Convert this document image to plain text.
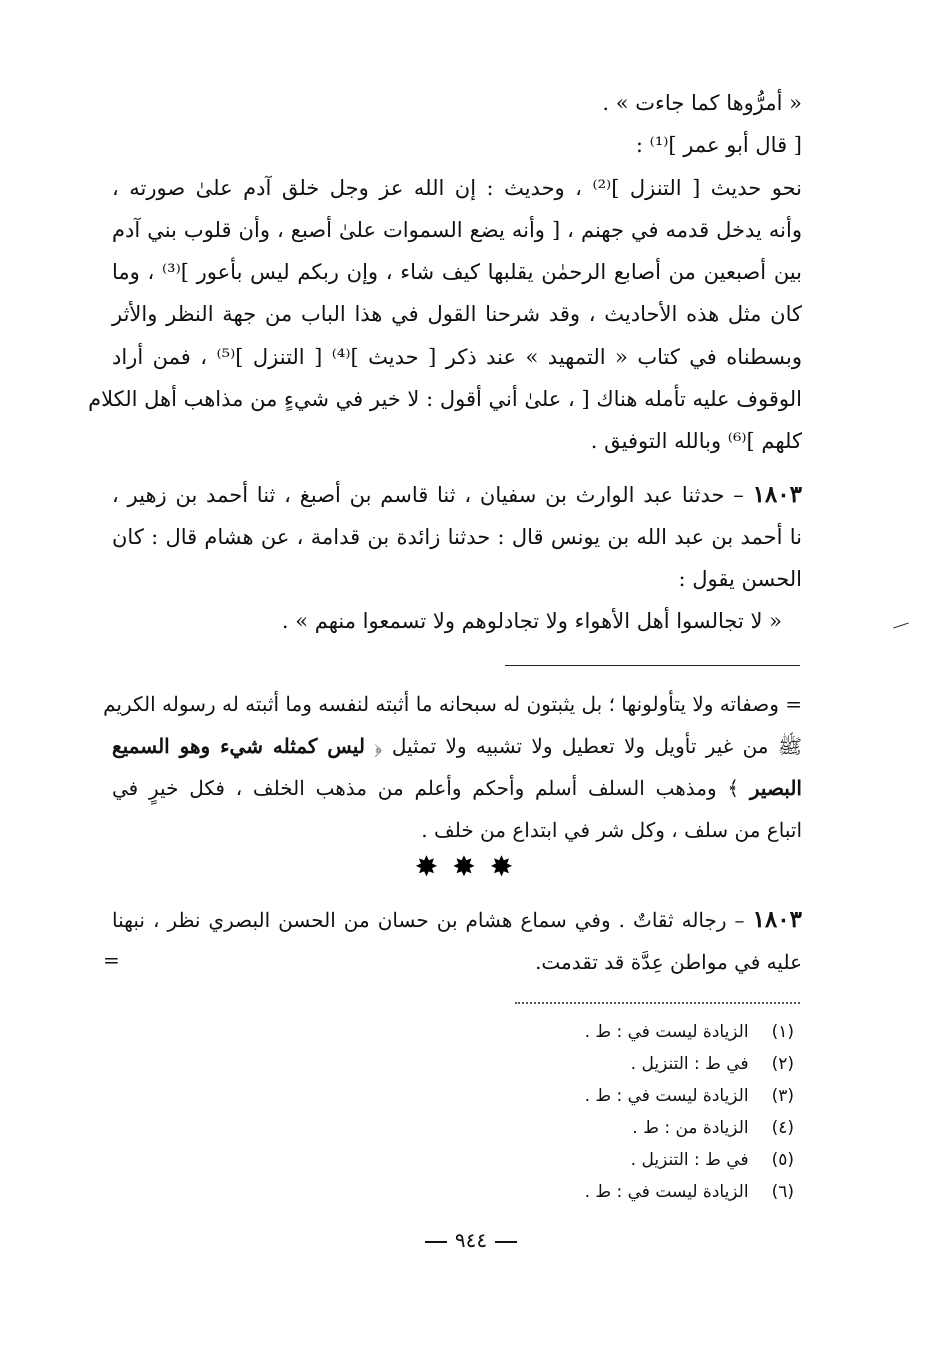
« أمرُّوها كما جاءت » .
[ قال أبو عمر ]⁽¹⁾ :
نحو حديث [ التنزل ]⁽²⁾ ، وحديث : إن الله عز وجل خلق آدم علىٰ صورته ،
وأنه يدخل قدمه في جهنم ، [ وأنه يضع السموات علىٰ أصبع ، وأن قلوب بني آدم
بين أصبعين من أصابع الرحمٰن يقلبها كيف شاء ، وإن ربكم ليس بأعور ]⁽³⁾ ، وما
كان مثل هذه الأحاديث ، وقد شرحنا القول في هذا الباب من جهة النظر والأثر
وبسطناه في كتاب « التمهيد » عند ذكر [ حديث ]⁽⁴⁾ [ التنزل ]⁽⁵⁾ ، فمن أراد
الوقوف عليه تأمله هناك [ ، علىٰ أني أقول : لا خير في شيءٍ من مذاهب أهل الكلام
كلهم ]⁽⁶⁾ وبالله التوفيق .
١٨٠٣ – حدثنا عبد الوارث بن سفيان ، ثنا قاسم بن أصبغ ، ثنا أحمد بن زهير ،
نا أحمد بن عبد الله بن يونس قال : حدثنا زائدة بن قدامة ، عن هشام قال : كان
الحسن يقول :
« لا تجالسوا أهل الأهواء ولا تجادلوهم ولا تسمعوا منهم » .
= وصفاته ولا يتأولونها ؛ بل يثبتون له سبحانه ما أثبته لنفسه وما أثبته له رسوله الكريم
ﷺ من غير تأويل ولا تعطيل ولا تشبيه ولا تمثيل ﴿ ليس كمثله شيء وهو السميع
البصير ﴾ ومذهب السلف أسلم وأحكم وأعلم من مذهب الخلف ، فكل خيرٍ في
اتباع من سلف ، وكل شر في ابتداع من خلف .
✸✸✸
١٨٠٣ – رجاله ثقاتٌ . وفي سماع هشام بن حسان من الحسن البصري نظر ، نبهنا
عليه في مواطن عِدَّة قد تقدمت.
=
(١) الزيادة ليست في : ط .
(٢) في ط : التنزيل .
(٣) الزيادة ليست في : ط .
(٤) الزيادة من : ط .
(٥) في ط : التنزيل .
(٦) الزيادة ليست في : ط .
٩٤٤
